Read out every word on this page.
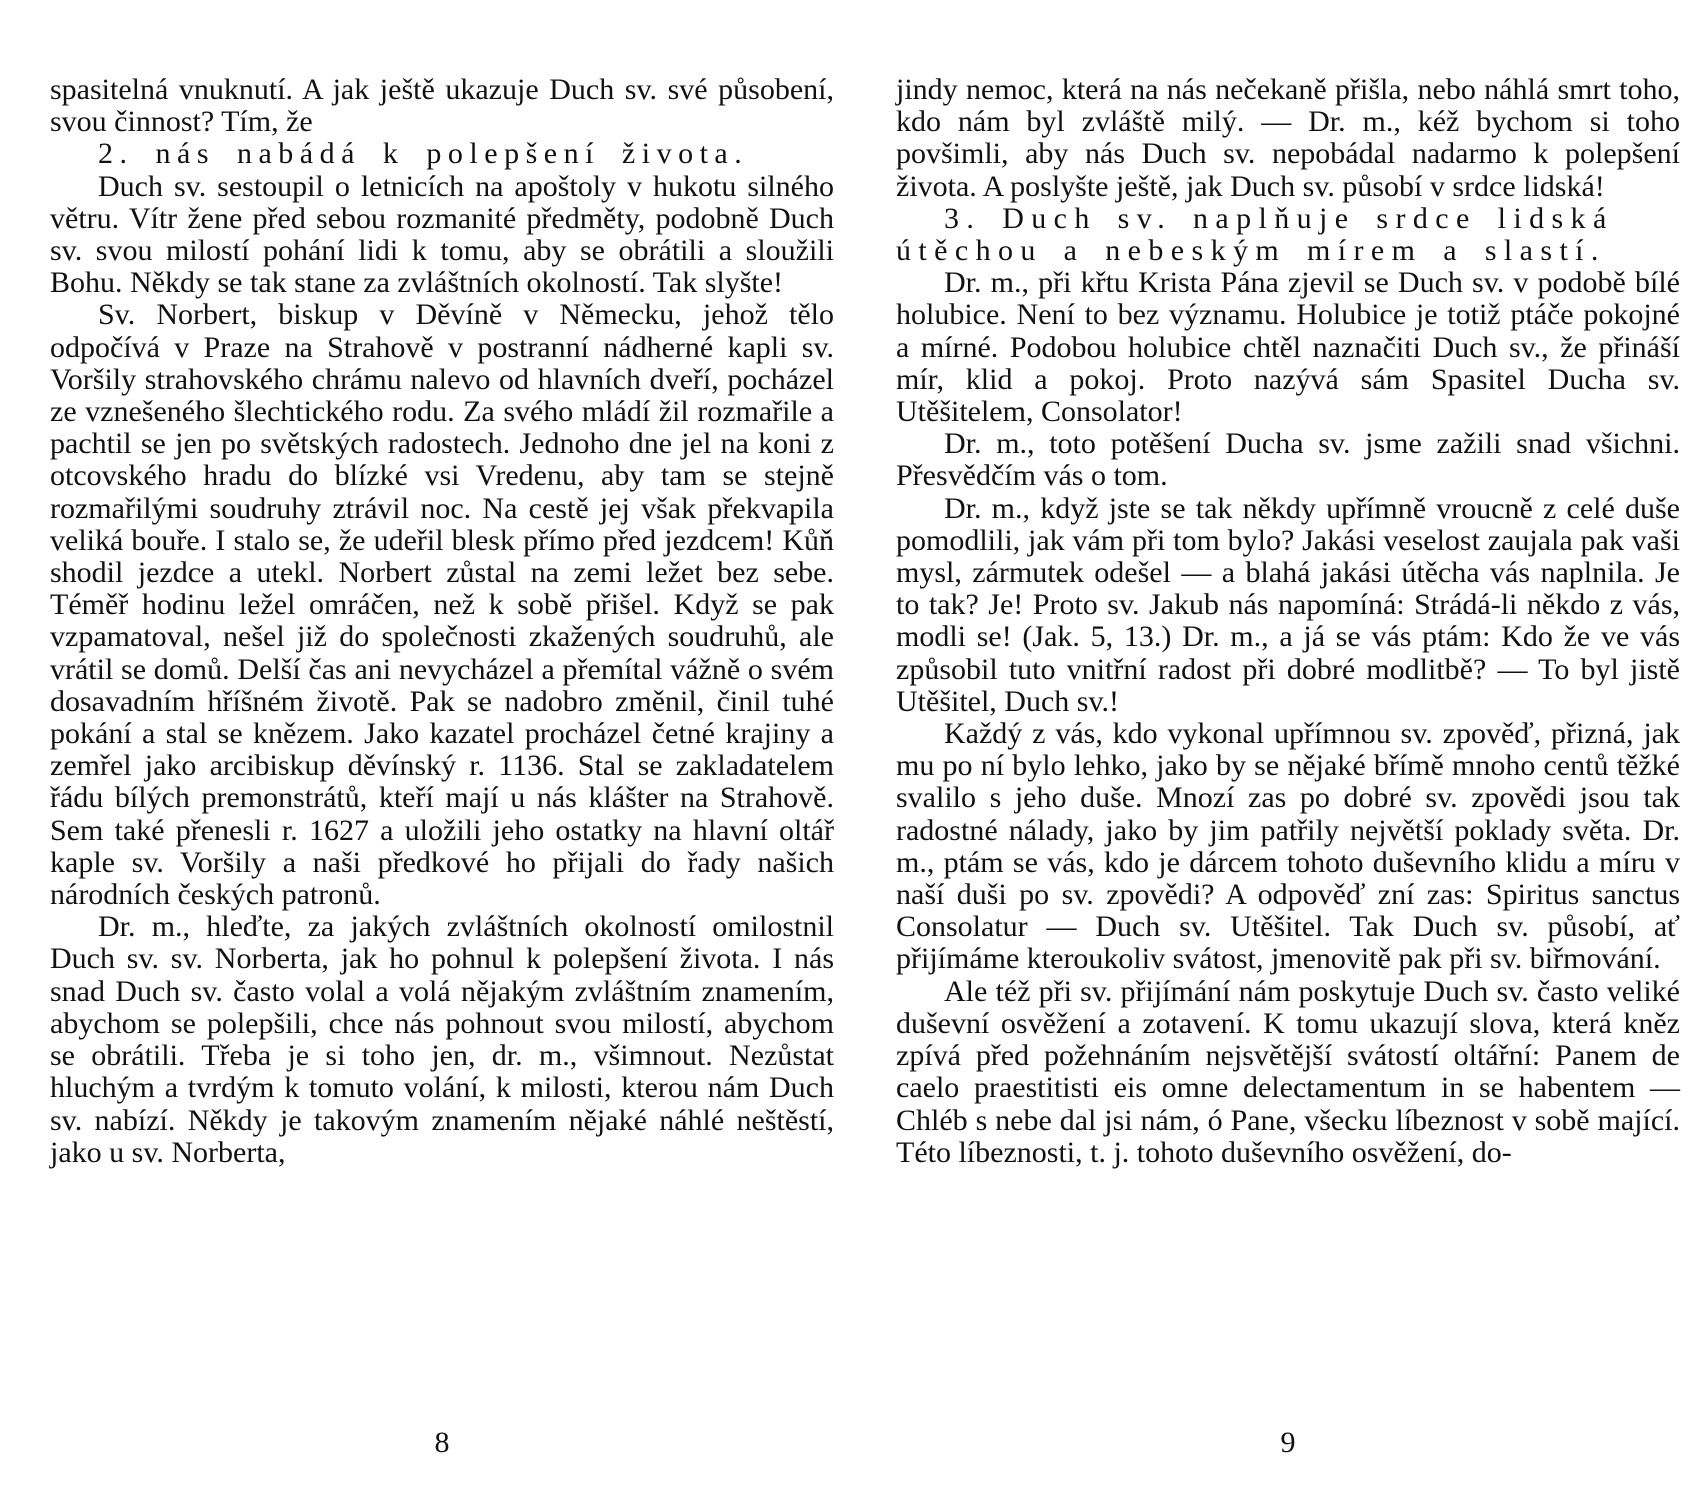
spasitelná vnuknutí. A jak ještě ukazuje Duch sv. své působení, svou činnost? Tím, že

2. nás nabádá k polepšení života.

Duch sv. sestoupil o letnicích na apoštoly v hukotu silného větru. Vítr žene před sebou rozmanité předměty, podobně Duch sv. svou milostí pohání lidi k tomu, aby se obrátili a sloužili Bohu. Někdy se tak stane za zvláštních okolností. Tak slyšte!

Sv. Norbert, biskup v Děvíně v Německu, jehož tělo odpočívá v Praze na Strahově v postranní nádherné kapli sv. Voršily strahovského chrámu nalevo od hlavních dveří, pocházel ze vznešeného šlechtického rodu. Za svého mládí žil rozmařile a pachtil se jen po světských radostech. Jednoho dne jel na koni z otcovského hradu do blízké vsi Vredenu, aby tam se stejně rozmařilými soudruhy ztrávil noc. Na cestě jej však překvapila veliká bouře. I stalo se, že udeřil blesk přímo před jezdcem! Kůň shodil jezdce a utekl. Norbert zůstal na zemi ležet bez sebe. Téměř hodinu ležel omráčen, než k sobě přišel. Když se pak vzpamatoval, nešel již do společnosti zkažených soudruhů, ale vrátil se domů. Delší čas ani nevycházel a přemítal vážně o svém dosavadním hříšném životě. Pak se nadobro změnil, činil tuhé pokání a stal se knězem. Jako kazatel procházel četné krajiny a zemřel jako arcibiskup děvínský r. 1136. Stal se zakladatelem řádu bílých premonstrátů, kteří mají u nás klášter na Strahově. Sem také přenesli r. 1627 a uložili jeho ostatky na hlavní oltář kaple sv. Voršily a naši předkové ho přijali do řady našich národních českých patronů.

Dr. m., hleďte, za jakých zvláštních okolností omilostnil Duch sv. sv. Norberta, jak ho pohnul k polepšení života. I nás snad Duch sv. často volal a volá nějakým zvláštním znamením, abychom se polepšili, chce nás pohnout svou milostí, abychom se obrátili. Třeba je si toho jen, dr. m., všimnout. Nezůstat hluchým a tvrdým k tomuto volání, k milosti, kterou nám Duch sv. nabízí. Někdy je takovým znamením nějaké náhlé neštěstí, jako u sv. Norberta,

8

jindy nemoc, která na nás nečekaně přišla, nebo náhlá smrt toho, kdo nám byl zvláště milý. — Dr. m., kéž bychom si toho povšimli, aby nás Duch sv. nepobádal nadarmo k polepšení života. A poslyšte ještě, jak Duch sv. působí v srdce lidská!

3. Duch sv. naplňuje srdce lidská útěchou a nebeským mírem a slastí.

Dr. m., při křtu Krista Pána zjevil se Duch sv. v podobě bílé holubice. Není to bez významu. Holubice je totiž ptáče pokojné a mírné. Podobou holubice chtěl naznačiti Duch sv., že přináší mír, klid a pokoj. Proto nazývá sám Spasitel Ducha sv. Utěšitelem, Consolator!

Dr. m., toto potěšení Ducha sv. jsme zažili snad všichni. Přesvědčím vás o tom.

Dr. m., když jste se tak někdy upřímně vroucně z celé duše pomodlili, jak vám při tom bylo? Jakási veselost zaujala pak vaši mysl, zármutek odešel — a blahá jakási útěcha vás naplnila. Je to tak? Je! Proto sv. Jakub nás napomíná: Strádá-li někdo z vás, modli se! (Jak. 5, 13.) Dr. m., a já se vás ptám: Kdo že ve vás způsobil tuto vnitřní radost při dobré modlitbě? — To byl jistě Utěšitel, Duch sv.!

Každý z vás, kdo vykonal upřímnou sv. zpověď, přizná, jak mu po ní bylo lehko, jako by se nějaké břímě mnoho centů těžké svalilo s jeho duše. Mnozí zas po dobré sv. zpovědi jsou tak radostné nálady, jako by jim patřily největší poklady světa. Dr. m., ptám se vás, kdo je dárcem tohoto duševního klidu a míru v naší duši po sv. zpovědi? A odpověď zní zas: Spiritus sanctus Consolatur — Duch sv. Utěšitel. Tak Duch sv. působí, ať přijímáme kteroukoliv svátost, jmenovitě pak při sv. biřmování.

Ale též při sv. přijímání nám poskytuje Duch sv. často veliké duševní osvěžení a zotavení. K tomu ukazují slova, která kněz zpívá před požehnáním nejsvětější svátostí oltářní: Panem de caelo praestitisti eis omne delectamentum in se habentem — Chléb s nebe dal jsi nám, ó Pane, všecku líbeznost v sobě mající. Této líbeznosti, t. j. tohoto duševního osvěžení, do-

9
